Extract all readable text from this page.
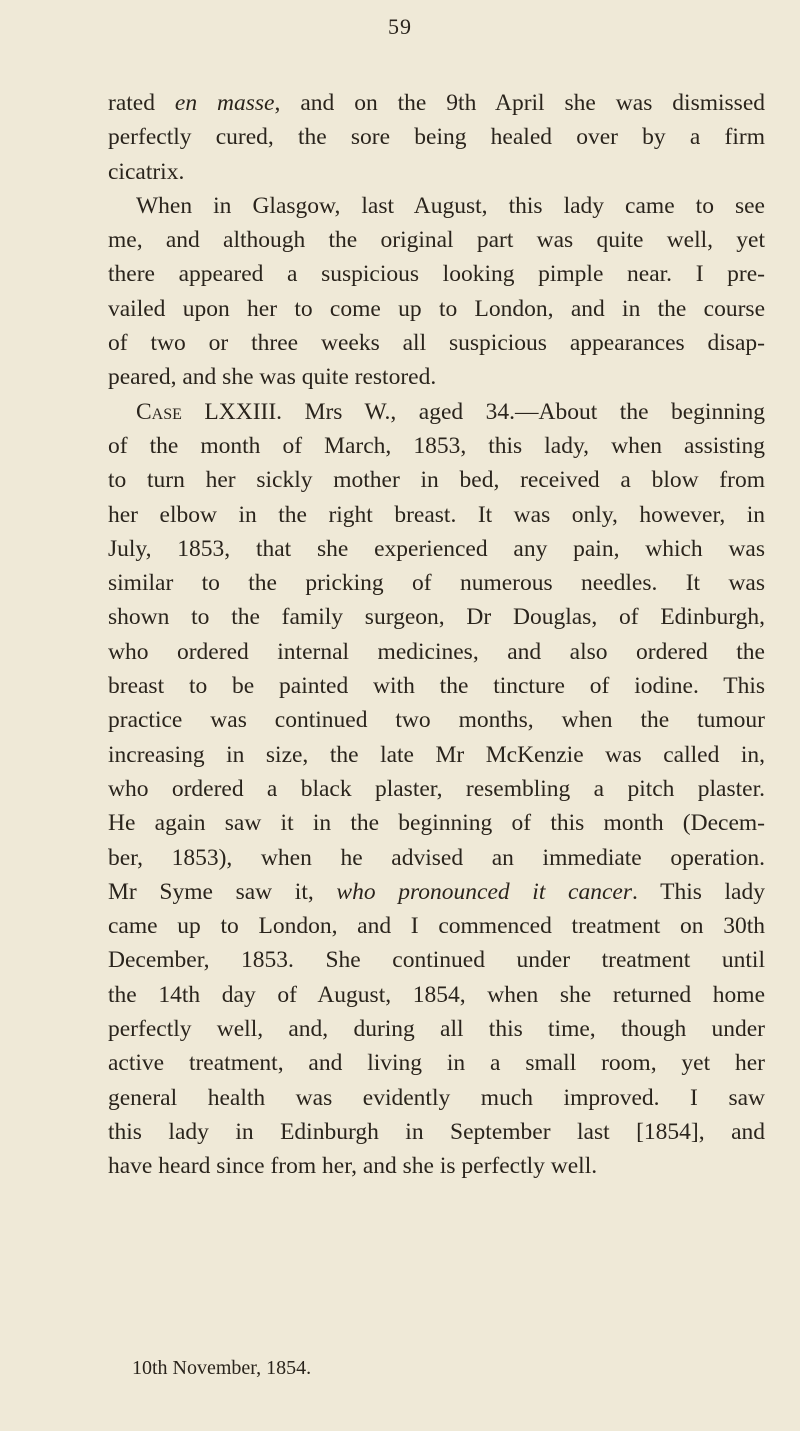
59
rated en masse, and on the 9th April she was dismissed
perfectly cured, the sore being healed over by a firm
cicatrix.
When in Glasgow, last August, this lady came to see
me, and although the original part was quite well, yet
there appeared a suspicious looking pimple near. I pre-
vailed upon her to come up to London, and in the course
of two or three weeks all suspicious appearances disap-
peared, and she was quite restored.
Case LXXIII. Mrs W., aged 34.—About the beginning
of the month of March, 1853, this lady, when assisting
to turn her sickly mother in bed, received a blow from
her elbow in the right breast. It was only, however, in
July, 1853, that she experienced any pain, which was
similar to the pricking of numerous needles. It was
shown to the family surgeon, Dr Douglas, of Edinburgh,
who ordered internal medicines, and also ordered the
breast to be painted with the tincture of iodine. This
practice was continued two months, when the tumour
increasing in size, the late Mr McKenzie was called in,
who ordered a black plaster, resembling a pitch plaster.
He again saw it in the beginning of this month (Decem-
ber, 1853), when he advised an immediate operation.
Mr Syme saw it, who pronounced it cancer. This lady
came up to London, and I commenced treatment on 30th
December, 1853. She continued under treatment until
the 14th day of August, 1854, when she returned home
perfectly well, and, during all this time, though under
active treatment, and living in a small room, yet her
general health was evidently much improved. I saw
this lady in Edinburgh in September last [1854], and
have heard since from her, and she is perfectly well.
10th November, 1854.
